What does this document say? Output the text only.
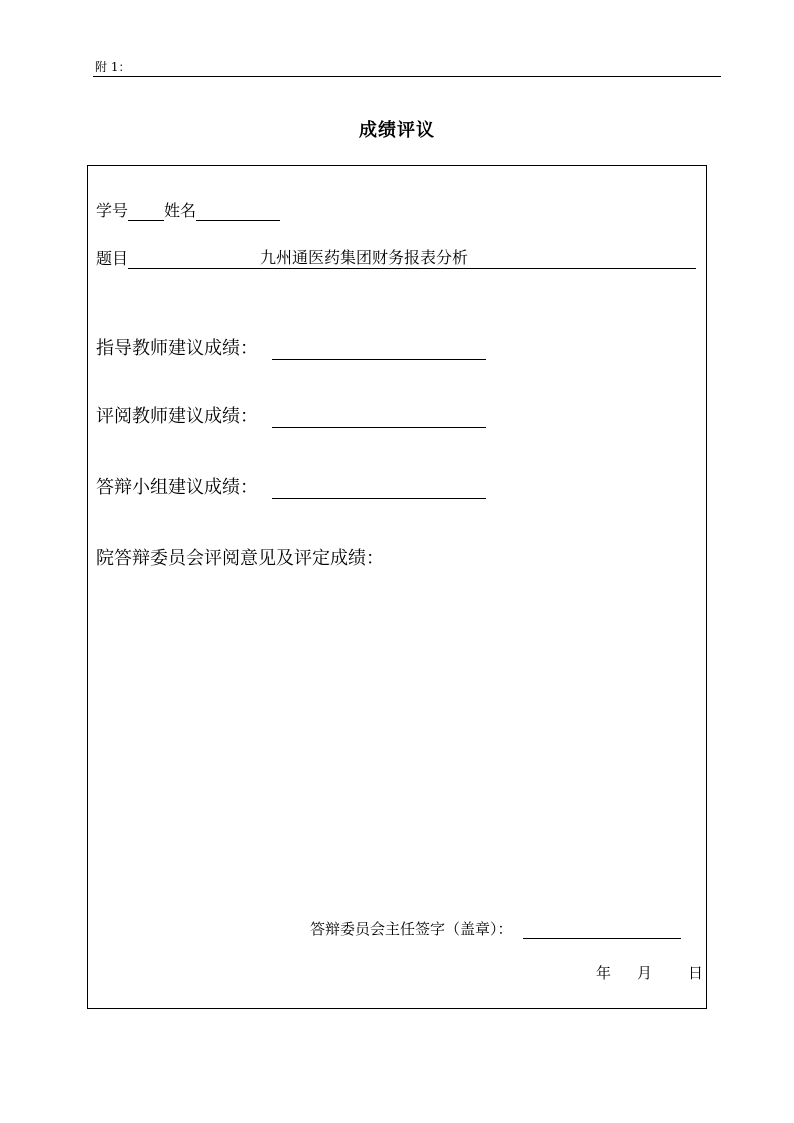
附 1：
成绩评议
学号 姓名
题目	九州通医药集团财务报表分析
指导教师建议成绩：
评阅教师建议成绩：
答辩小组建议成绩：
院答辩委员会评阅意见及评定成绩：
答辩委员会主任签字（盖章）：
年 月 日
